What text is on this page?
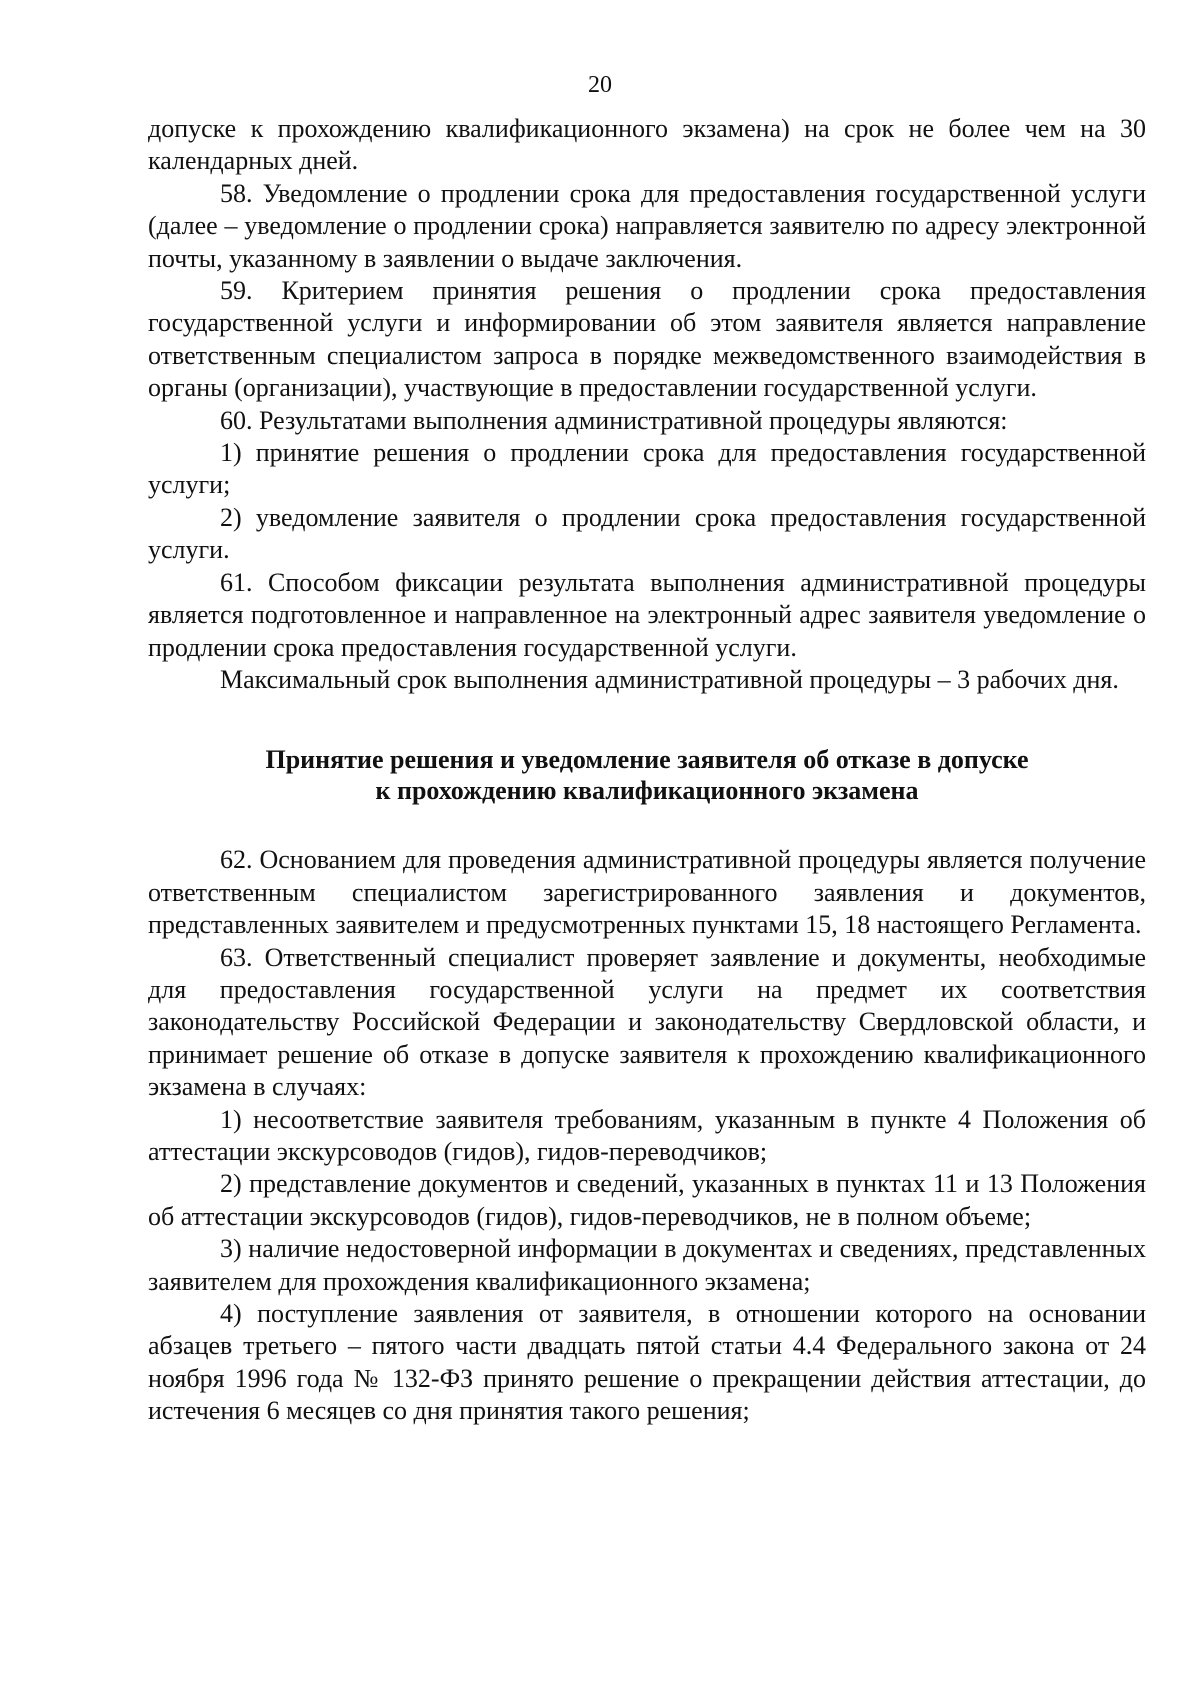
20

допуске к прохождению квалификационного экзамена) на срок не более чем на 30 календарных дней.

58. Уведомление о продлении срока для предоставления государственной услуги (далее – уведомление о продлении срока) направляется заявителю по адресу электронной почты, указанному в заявлении о выдаче заключения.

59. Критерием принятия решения о продлении срока предоставления государственной услуги и информировании об этом заявителя является направление ответственным специалистом запроса в порядке межведомственного взаимодействия в органы (организации), участвующие в предоставлении государственной услуги.

60. Результатами выполнения административной процедуры являются:

1) принятие решения о продлении срока для предоставления государственной услуги;

2) уведомление заявителя о продлении срока предоставления государственной услуги.

61. Способом фиксации результата выполнения административной процедуры является подготовленное и направленное на электронный адрес заявителя уведомление о продлении срока предоставления государственной услуги.

Максимальный срок выполнения административной процедуры – 3 рабочих дня.

Принятие решения и уведомление заявителя об отказе в допуске
к прохождению квалификационного экзамена

62. Основанием для проведения административной процедуры является получение ответственным специалистом зарегистрированного заявления и документов, представленных заявителем и предусмотренных пунктами 15, 18 настоящего Регламента.

63. Ответственный специалист проверяет заявление и документы, необходимые для предоставления государственной услуги на предмет их соответствия законодательству Российской Федерации и законодательству Свердловской области, и принимает решение об отказе в допуске заявителя к прохождению квалификационного экзамена в случаях:

1) несоответствие заявителя требованиям, указанным в пункте 4 Положения об аттестации экскурсоводов (гидов), гидов-переводчиков;

2) представление документов и сведений, указанных в пунктах 11 и 13 Положения об аттестации экскурсоводов (гидов), гидов-переводчиков, не в полном объеме;

3) наличие недостоверной информации в документах и сведениях, представленных заявителем для прохождения квалификационного экзамена;

4) поступление заявления от заявителя, в отношении которого на основании абзацев третьего – пятого части двадцать пятой статьи 4.4 Федерального закона от 24 ноября 1996 года № 132-ФЗ принято решение о прекращении действия аттестации, до истечения 6 месяцев со дня принятия такого решения;
